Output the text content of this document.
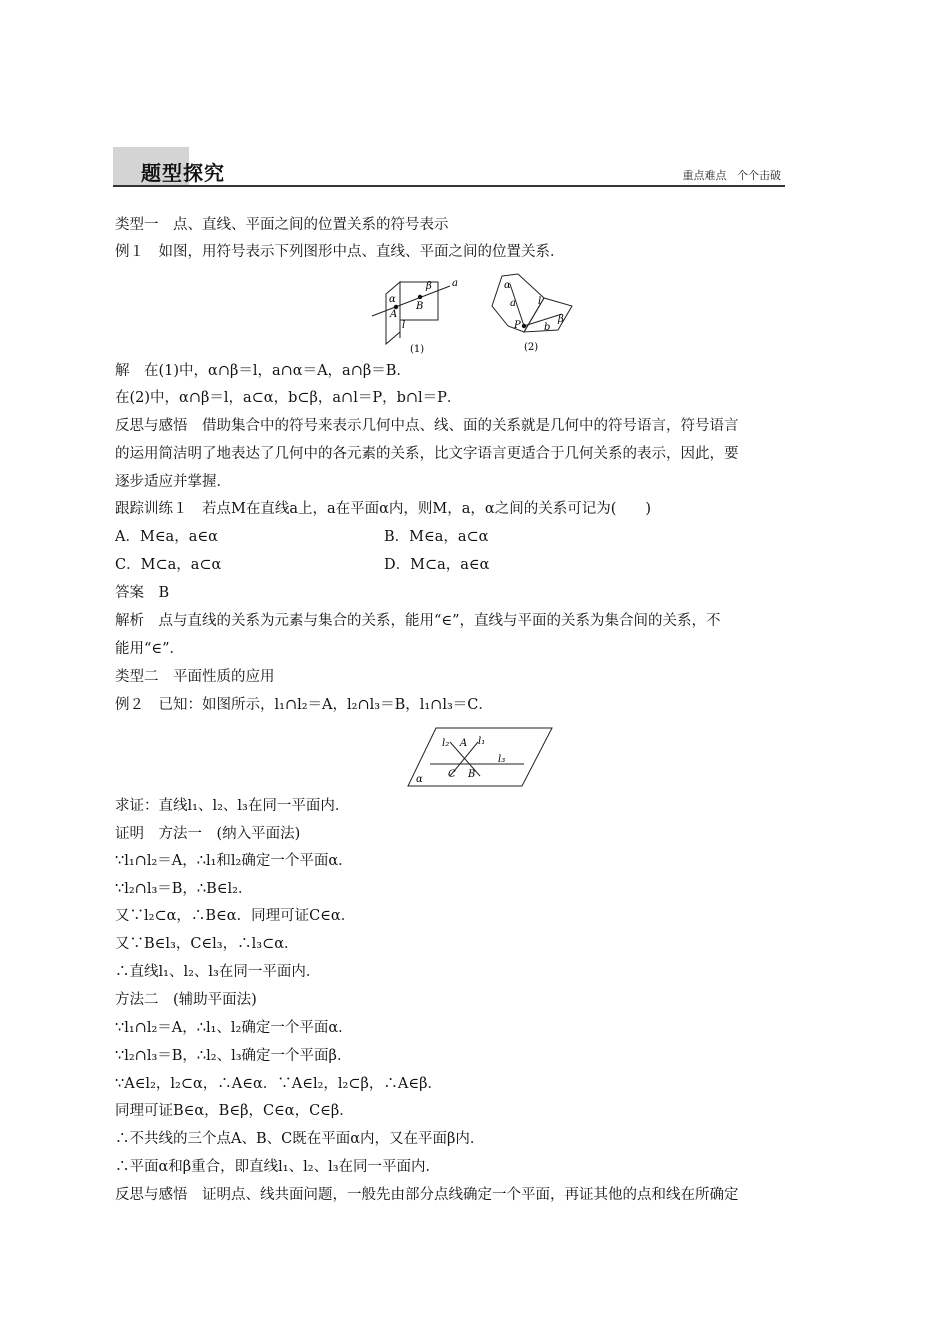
题型探究	重点难点   个个击破
类型一　点、直线、平面之间的位置关系的符号表示
例１　如图，用符号表示下列图形中点、直线、平面之间的位置关系．
α
β a
A
B
l
(1)
α
a l
P b
β
(2)
解　在(1)中，α∩β＝l，a∩α＝A，a∩β＝B．
在(2)中，α∩β＝l，a⊂α，b⊂β，a∩l＝P，b∩l＝P．
反思与感悟　借助集合中的符号来表示几何中点、线、面的关系就是几何中的符号语言，符号语言
的运用简洁明了地表达了几何中的各元素的关系，比文字语言更适合于几何关系的表示，因此，要
逐步适应并掌握．
跟踪训练１　若点M在直线a上，a在平面α内，则M，a，α之间的关系可记为(　　)
A．M∈a，a∈α	B．M∈a，a⊂α
C．M⊂a，a⊂α	D．M⊂a，a∈α
答案　B
解析　点与直线的关系为元素与集合的关系，能用“∈”，直线与平面的关系为集合间的关系，不
能用“∈”．
类型二　平面性质的应用
例２　已知：如图所示，l₁∩l₂＝A，l₂∩l₃＝B，l₁∩l₃＝C．
l₂ A l₁
l₃
C B
α
求证：直线l₁、l₂、l₃在同一平面内．
证明　方法一　(纳入平面法)
∵l₁∩l₂＝A，∴l₁和l₂确定一个平面α．
∵l₂∩l₃＝B，∴B∈l₂．
又∵l₂⊂α，∴B∈α．同理可证C∈α．
又∵B∈l₃，C∈l₃，∴l₃⊂α．
∴直线l₁、l₂、l₃在同一平面内．
方法二　(辅助平面法)
∵l₁∩l₂＝A，∴l₁、l₂确定一个平面α．
∵l₂∩l₃＝B，∴l₂、l₃确定一个平面β．
∵A∈l₂，l₂⊂α，∴A∈α．∵A∈l₂，l₂⊂β，∴A∈β．
同理可证B∈α，B∈β，C∈α，C∈β．
∴不共线的三个点A、B、C既在平面α内，又在平面β内．
∴平面α和β重合，即直线l₁、l₂、l₃在同一平面内．
反思与感悟　证明点、线共面问题，一般先由部分点线确定一个平面，再证其他的点和线在所确定
